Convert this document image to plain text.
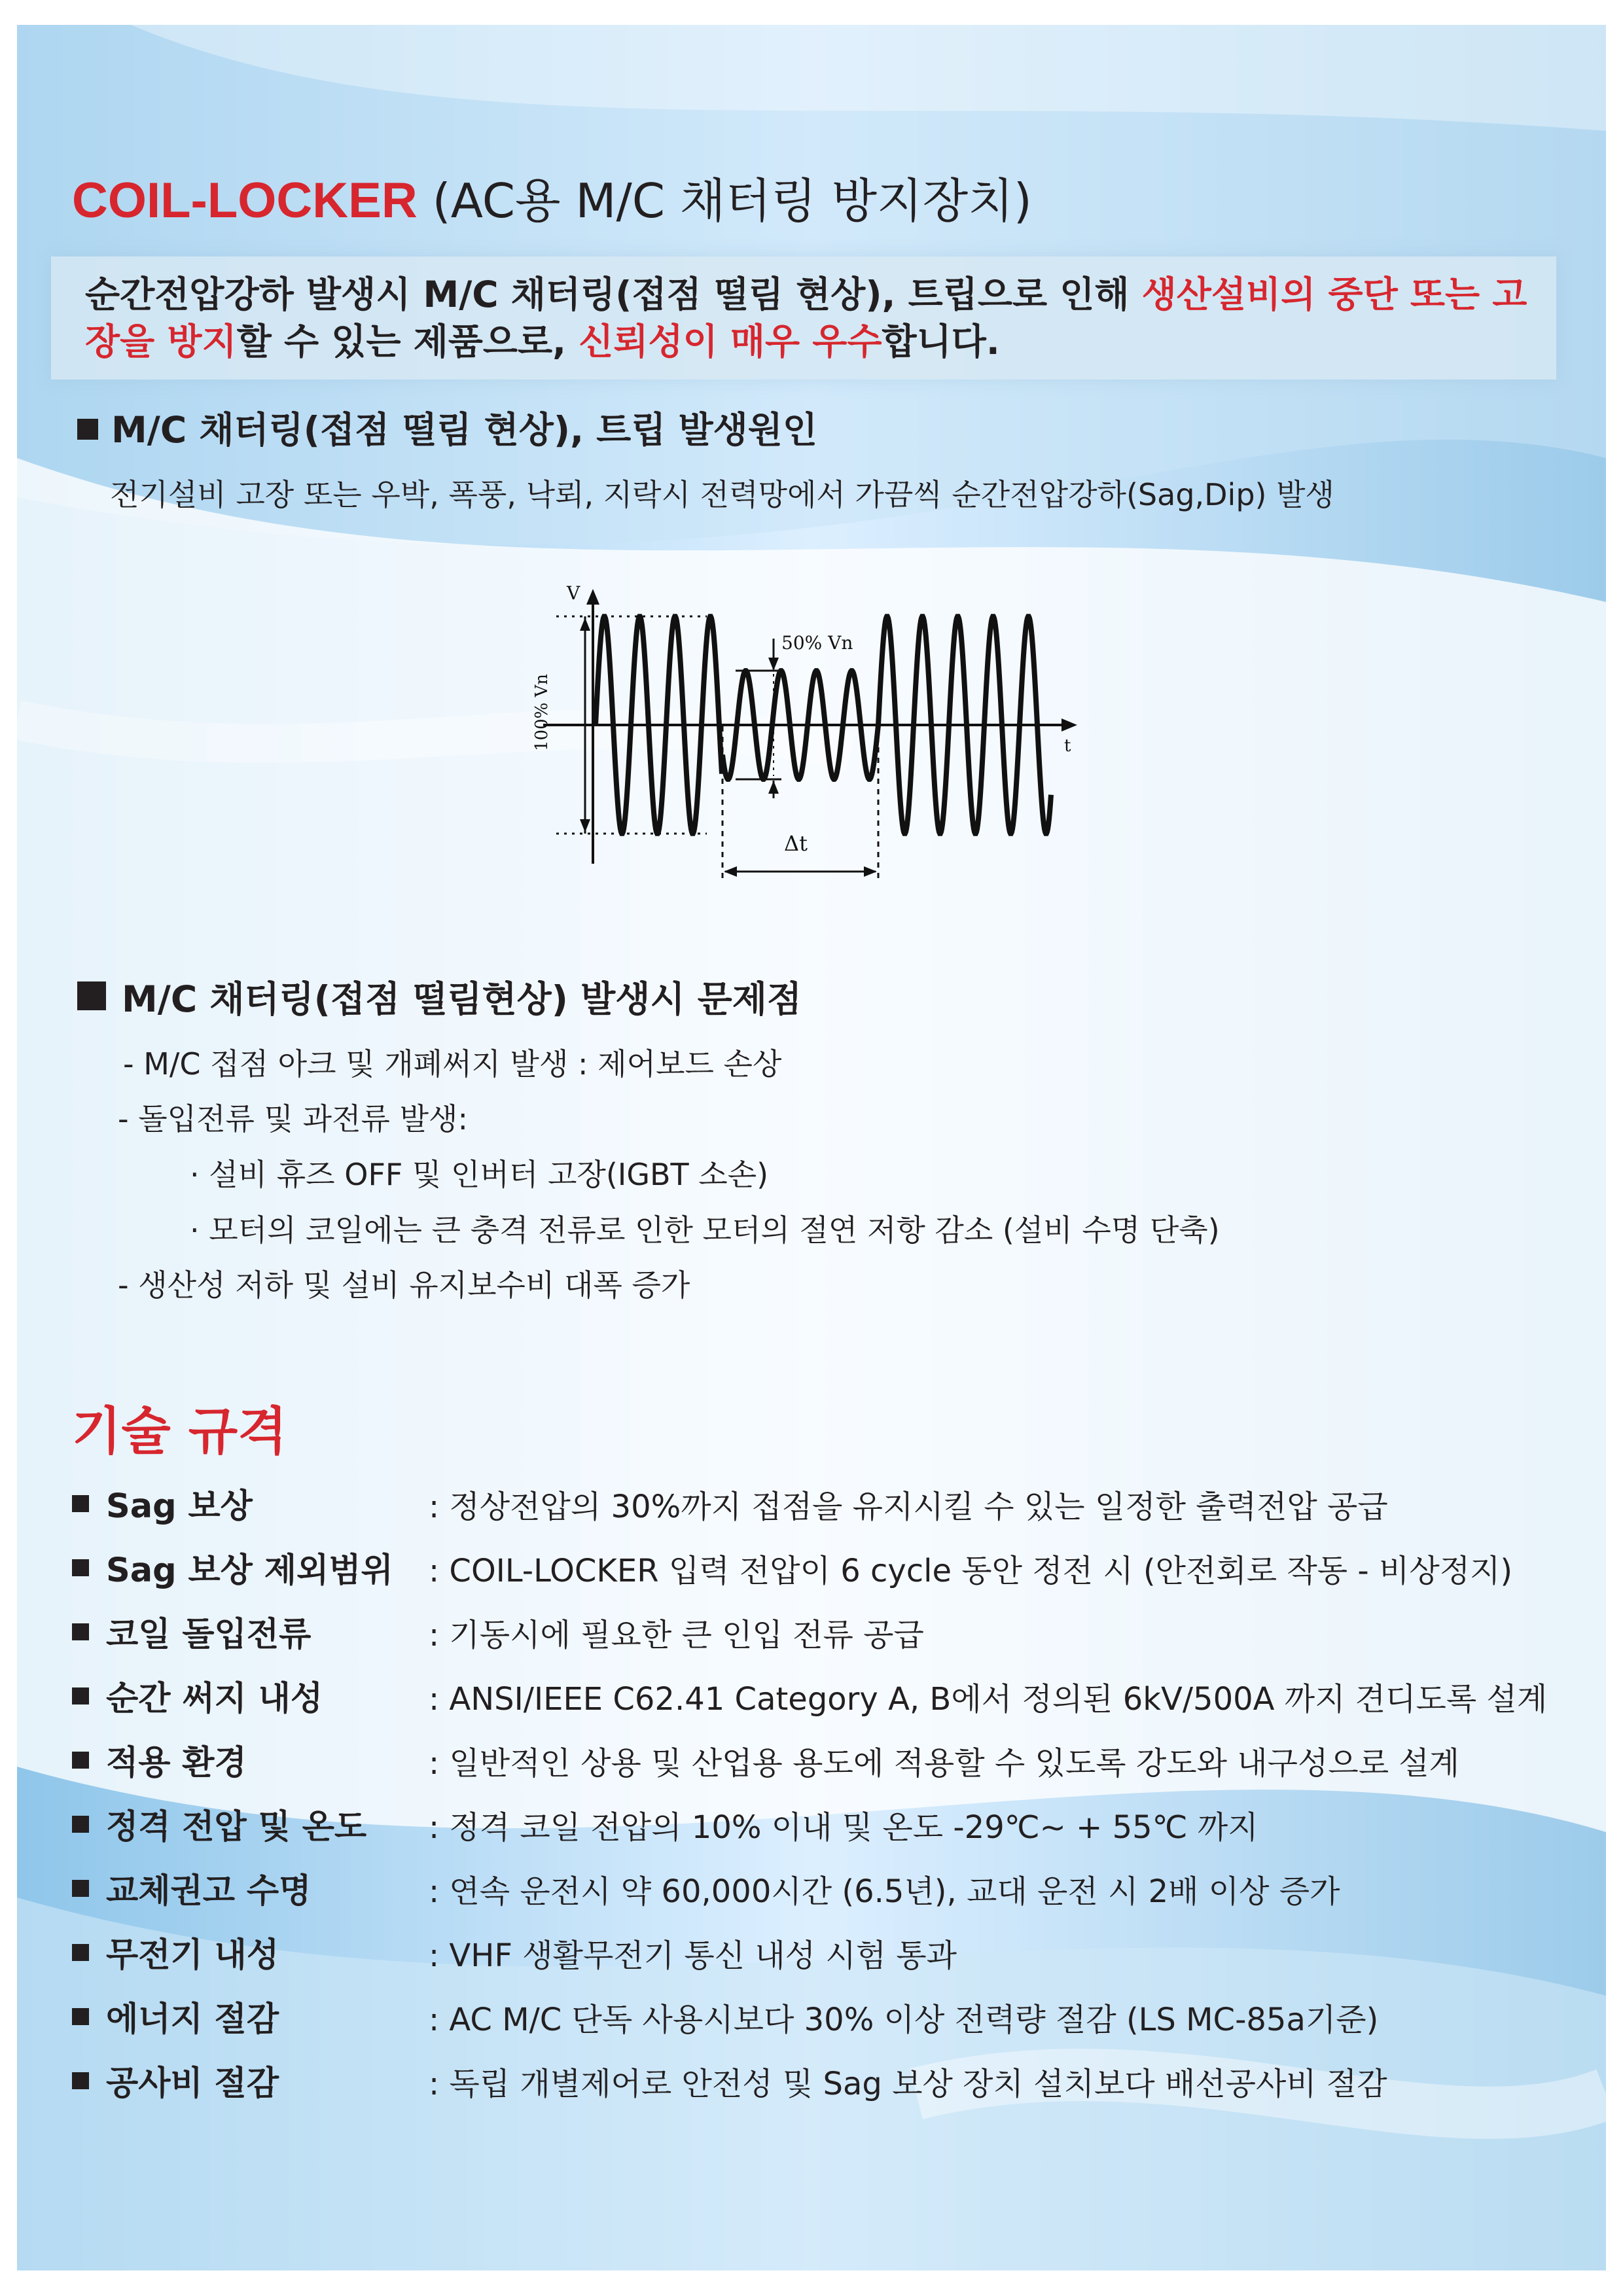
COIL-LOCKER (AC용 M/C 채터링 방지장치)
순간전압강하 발생시 M/C 채터링(접점 떨림 현상), 트립으로 인해 생산설비의 중단 또는 고장을 방지할 수 있는 제품으로, 신뢰성이 매우 우수합니다.
M/C 채터링(접점 떨림 현상), 트립 발생원인
전기설비 고장 또는 우박, 폭풍, 낙뢰, 지락시 전력망에서 가끔씩 순간전압강하(Sag,Dip) 발생
V
t
100% Vn
50% Vn
Δt
M/C 채터링(접점 떨림현상) 발생시 문제점
- M/C 접점 아크 및 개폐써지 발생 : 제어보드 손상
- 돌입전류 및 과전류 발생:
· 설비 휴즈 OFF 및 인버터 고장(IGBT 소손)
· 모터의 코일에는 큰 충격 전류로 인한 모터의 절연 저항 감소 (설비 수명 단축)
- 생산성 저하 및 설비 유지보수비 대폭 증가
기술 규격
Sag 보상	: 정상전압의 30%까지 접점을 유지시킬 수 있는 일정한 출력전압 공급
Sag 보상 제외범위 : COIL-LOCKER 입력 전압이 6 cycle 동안 정전 시 (안전회로 작동 - 비상정지)
코일 돌입전류	: 기동시에 필요한 큰 인입 전류 공급
순간 써지 내성	: ANSI/IEEE C62.41 Category A, B에서 정의된 6kV/500A 까지 견디도록 설계
적용 환경	: 일반적인 상용 및 산업용 용도에 적용할 수 있도록 강도와 내구성으로 설계
정격 전압 및 온도 : 정격 코일 전압의 10% 이내 및 온도 -29℃~ + 55℃ 까지
교체권고 수명	: 연속 운전시 약 60,000시간 (6.5년), 교대 운전 시 2배 이상 증가
무전기 내성	: VHF 생활무전기 통신 내성 시험 통과
에너지 절감	: AC M/C 단독 사용시보다 30% 이상 전력량 절감 (LS MC-85a기준)
공사비 절감	: 독립 개별제어로 안전성 및 Sag 보상 장치 설치보다 배선공사비 절감
